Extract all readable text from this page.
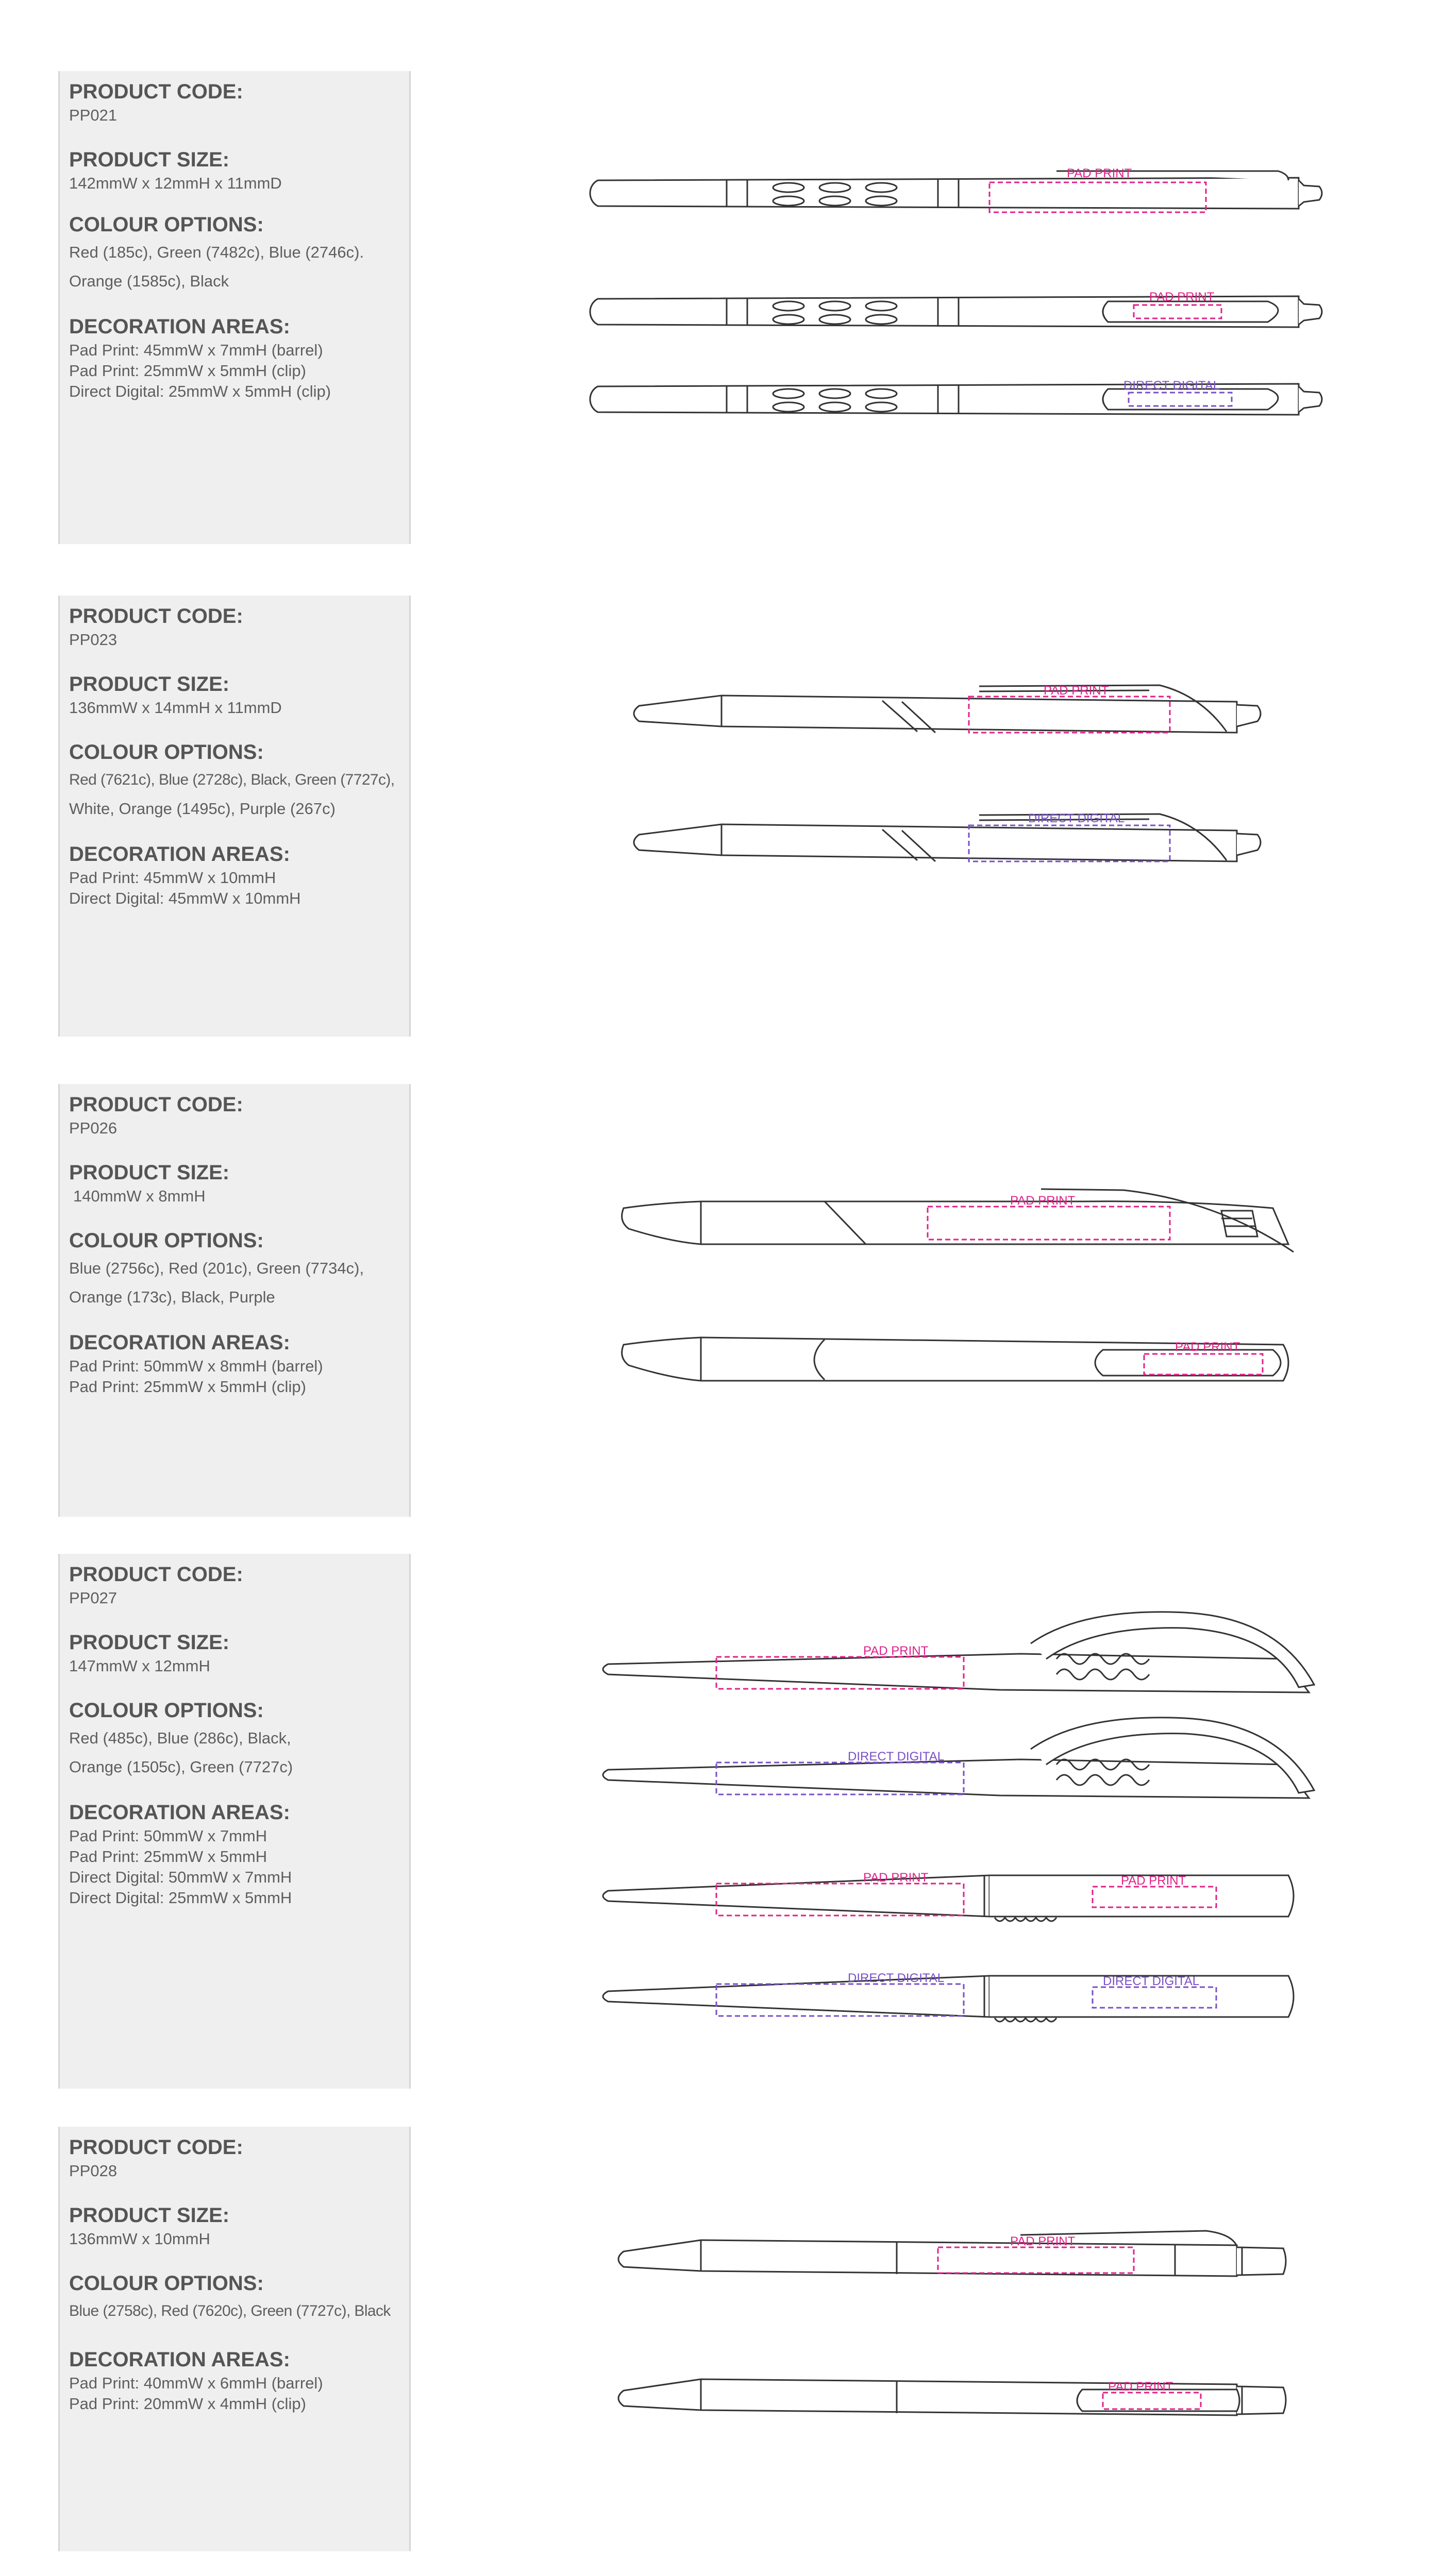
PRODUCT CODE:

PP021

PRODUCT SIZE:

142mmW x 12mmH x 11mmD

COLOUR OPTIONS:

Red (185c), Green (7482c), Blue (2746c).

Orange (1585c), Black

DECORATION AREAS:

Pad Print: 45mmW x 7mmH (barrel)

Pad Print: 25mmW x 5mmH (clip)

Direct Digital: 25mmW x 5mmH (clip)

PAD PRINT
PAD PRINT
DIRECT DIGITAL

PRODUCT CODE:

PP023

PRODUCT SIZE:

136mmW x 14mmH x 11mmD

COLOUR OPTIONS:

Red (7621c), Blue (2728c), Black, Green (7727c),

White, Orange (1495c), Purple (267c)

DECORATION AREAS:

Pad Print: 45mmW x 10mmH

Direct Digital: 45mmW x 10mmH

PAD PRINT
DIRECT DIGITAL

PRODUCT CODE:

PP026

PRODUCT SIZE:

140mmW x 8mmH

COLOUR OPTIONS:

Blue (2756c), Red (201c), Green (7734c),

Orange (173c), Black, Purple

DECORATION AREAS:

Pad Print: 50mmW x 8mmH (barrel)

Pad Print: 25mmW x 5mmH (clip)

PAD PRINT
PAD PRINT

PRODUCT CODE:

PP027

PRODUCT SIZE:

147mmW x 12mmH

COLOUR OPTIONS:

Red (485c), Blue (286c), Black,

Orange (1505c), Green (7727c)

DECORATION AREAS:

Pad Print: 50mmW x 7mmH

Pad Print: 25mmW x 5mmH

Direct Digital: 50mmW x 7mmH

Direct Digital: 25mmW x 5mmH

PAD PRINT
DIRECT DIGITAL
PAD PRINT	PAD PRINT
DIRECT DIGITAL	DIRECT DIGITAL

PRODUCT CODE:

PP028

PRODUCT SIZE:

136mmW x 10mmH

COLOUR OPTIONS:

Blue (2758c), Red (7620c), Green (7727c), Black

DECORATION AREAS:

Pad Print: 40mmW x 6mmH (barrel)

Pad Print: 20mmW x 4mmH (clip)

PAD PRINT
PAD PRINT
